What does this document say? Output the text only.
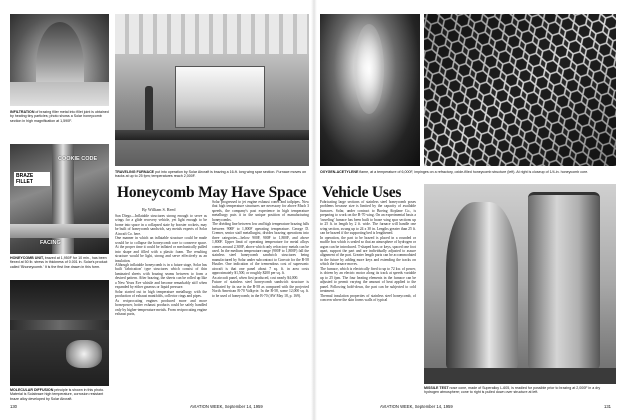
INFILTRATION of brazing filler metal into fillet joint is obtained by heating tiny particles; photo shows a Solar honeycomb section in high magnification at 1,590F.
COOKIE CODE
BRAZE
FILLET
FACING
HONEYCOMB UNIT, brazed at 1,950F for 10 min., has been flexed at 50 lb. stress in thickness of 0.001 in. Solar's product called 'Bhoneycomb.' It is the first line drawn in this form.
MOLECULAR DIFFUSION principle is shown in this photo. Material is Solabraze high temperature, corrosion resistant braze alloy developed by Solar Aircraft.
TRAVELING FURNACE put into operation by Solar Aircraft is brazing a 16-ft. long wing spar section. Furnace moves on tracks at up to 25 fpm; temperatures reach 2,000F.
Honeycomb May Have Space
By William S. Reed
San Diego—Inflatable structures strong enough to serve as wings for a glide recovery vehicle, yet light enough to be borne into space in a collapsed state by booster rockets, may be built of honeycomb sandwich, say metals experts of Solar Aircraft Co. here.
One manner in which an inflatable structure could be made would be to collapse the honeycomb core to conserve space. At the proper time it could be inflated or mechanically pulled into shape and filled with a plastic foam. The resulting structure would be light, strong and serve effectively as an insulation.
Although inflatable honeycomb is in a future stage, Solar has built 'fabrication' type structures which consist of thin laminated sheets with brazing seams between to form a desired pattern. After brazing, the sheets can be rolled up like a New Years Eve whistle and become remarkably stiff when expanded by either gaseous or liquid pressure.
Solar started out in high temperature metallurgy with the production of exhaust manifolds, collector rings and pipes.
As reciprocating engines produced more and more horsepower, hotter exhaust products could be safely handled only by higher-temperature metals. From reciprocating engine exhaust parts,
Solar progressed to jet engine exhaust cones and tailpipes. Now that high temperature structures are necessary for above Mach 3 speeds, the company's past experience in high temperature metallurgy puts it in the unique position of manufacturing honeycombs.
The dividing line between low and high temperature brazing falls between 900F to 1,000F operating temperature. George D. Cremer, senior staff metallurgist, divides brazing operations into three categories—below 900F, 900F to 1,800F, and above 1,800F. Upper limit of operating temperature for metal alloys comes around 2,300F, above which only refractory metals can be used. In the medium temperature range (900F to 1,800F) fall the stainless steel honeycomb sandwich structures being manufactured by Solar under subcontract to Convair for the B-58 Hustler. One indication of the tremendous cost of supersonic aircraft is that one panel about 7 sq. ft. in area costs approximately $1,500, or roughly $200 per sq. ft.
An aircraft panel, when first produced, cost nearly $4,000.
Future of stainless steel honeycomb sandwich structure is indicated by its use in the B-58 as compared with the projected North American B-70 Valkyrie. In the B-58, some 12,000 sq. ft. to be used of honeycomb; in the B-70 (AW May 18, p. 169).
130	AVIATION WEEK, September 14, 1959
OXYGEN-ACETYLENE flame, at a temperature of 6,000F, impinges on a refractory, oxide-filled honeycomb structure (left). At right is closeup of 1/4-in. honeycomb core.
Vehicle Uses
Fabricating large sections of stainless steel honeycomb poses problems because size is limited by the capacity of available furnaces. Solar, under contract to Boeing Airplane Co., is preparing to work on the B-70 wing. On an experimental basis a 'traveling' furnace has been built to braze wing spar sections up to 25 ft. in length by 2 ft. wide. The furnace will handle one wing section, swung up to 24 x 30 in. Lengths greater than 25 ft. can be brazed if the supporting bed is lengthened.
In operation, the part to be brazed is placed in a rounded or muffle box which is sealed so that an atmosphere of hydrogen or argon can be introduced. T-shaped bars or keys, spaced one foot apart, support the part and are individually adjusted to assure alignment of the part. Greater length parts can be accommodated in the future by adding more keys and extending the tracks on which the furnace moves.
The furnace, which is electrically fired to up to 72 kw. of power, is driven by an electric motor along its track at speeds variable up to 25 fpm. The four heating elements in the furnace can be adjusted to permit varying the amount of heat applied to the panel. Following hold-down, the part can be subjected to cold treatment.
Thermal insulation properties of stainless steel honeycomb, of concern where the skin forms walls of typical
MISSILE TEST nose cone, made of Superalloy L-605, is readied for possible prior to brazing at 2,000F in a dry hydrogen atmosphere; cone to right is pulled down over structure at left.
AVIATION WEEK, September 14, 1959	131
